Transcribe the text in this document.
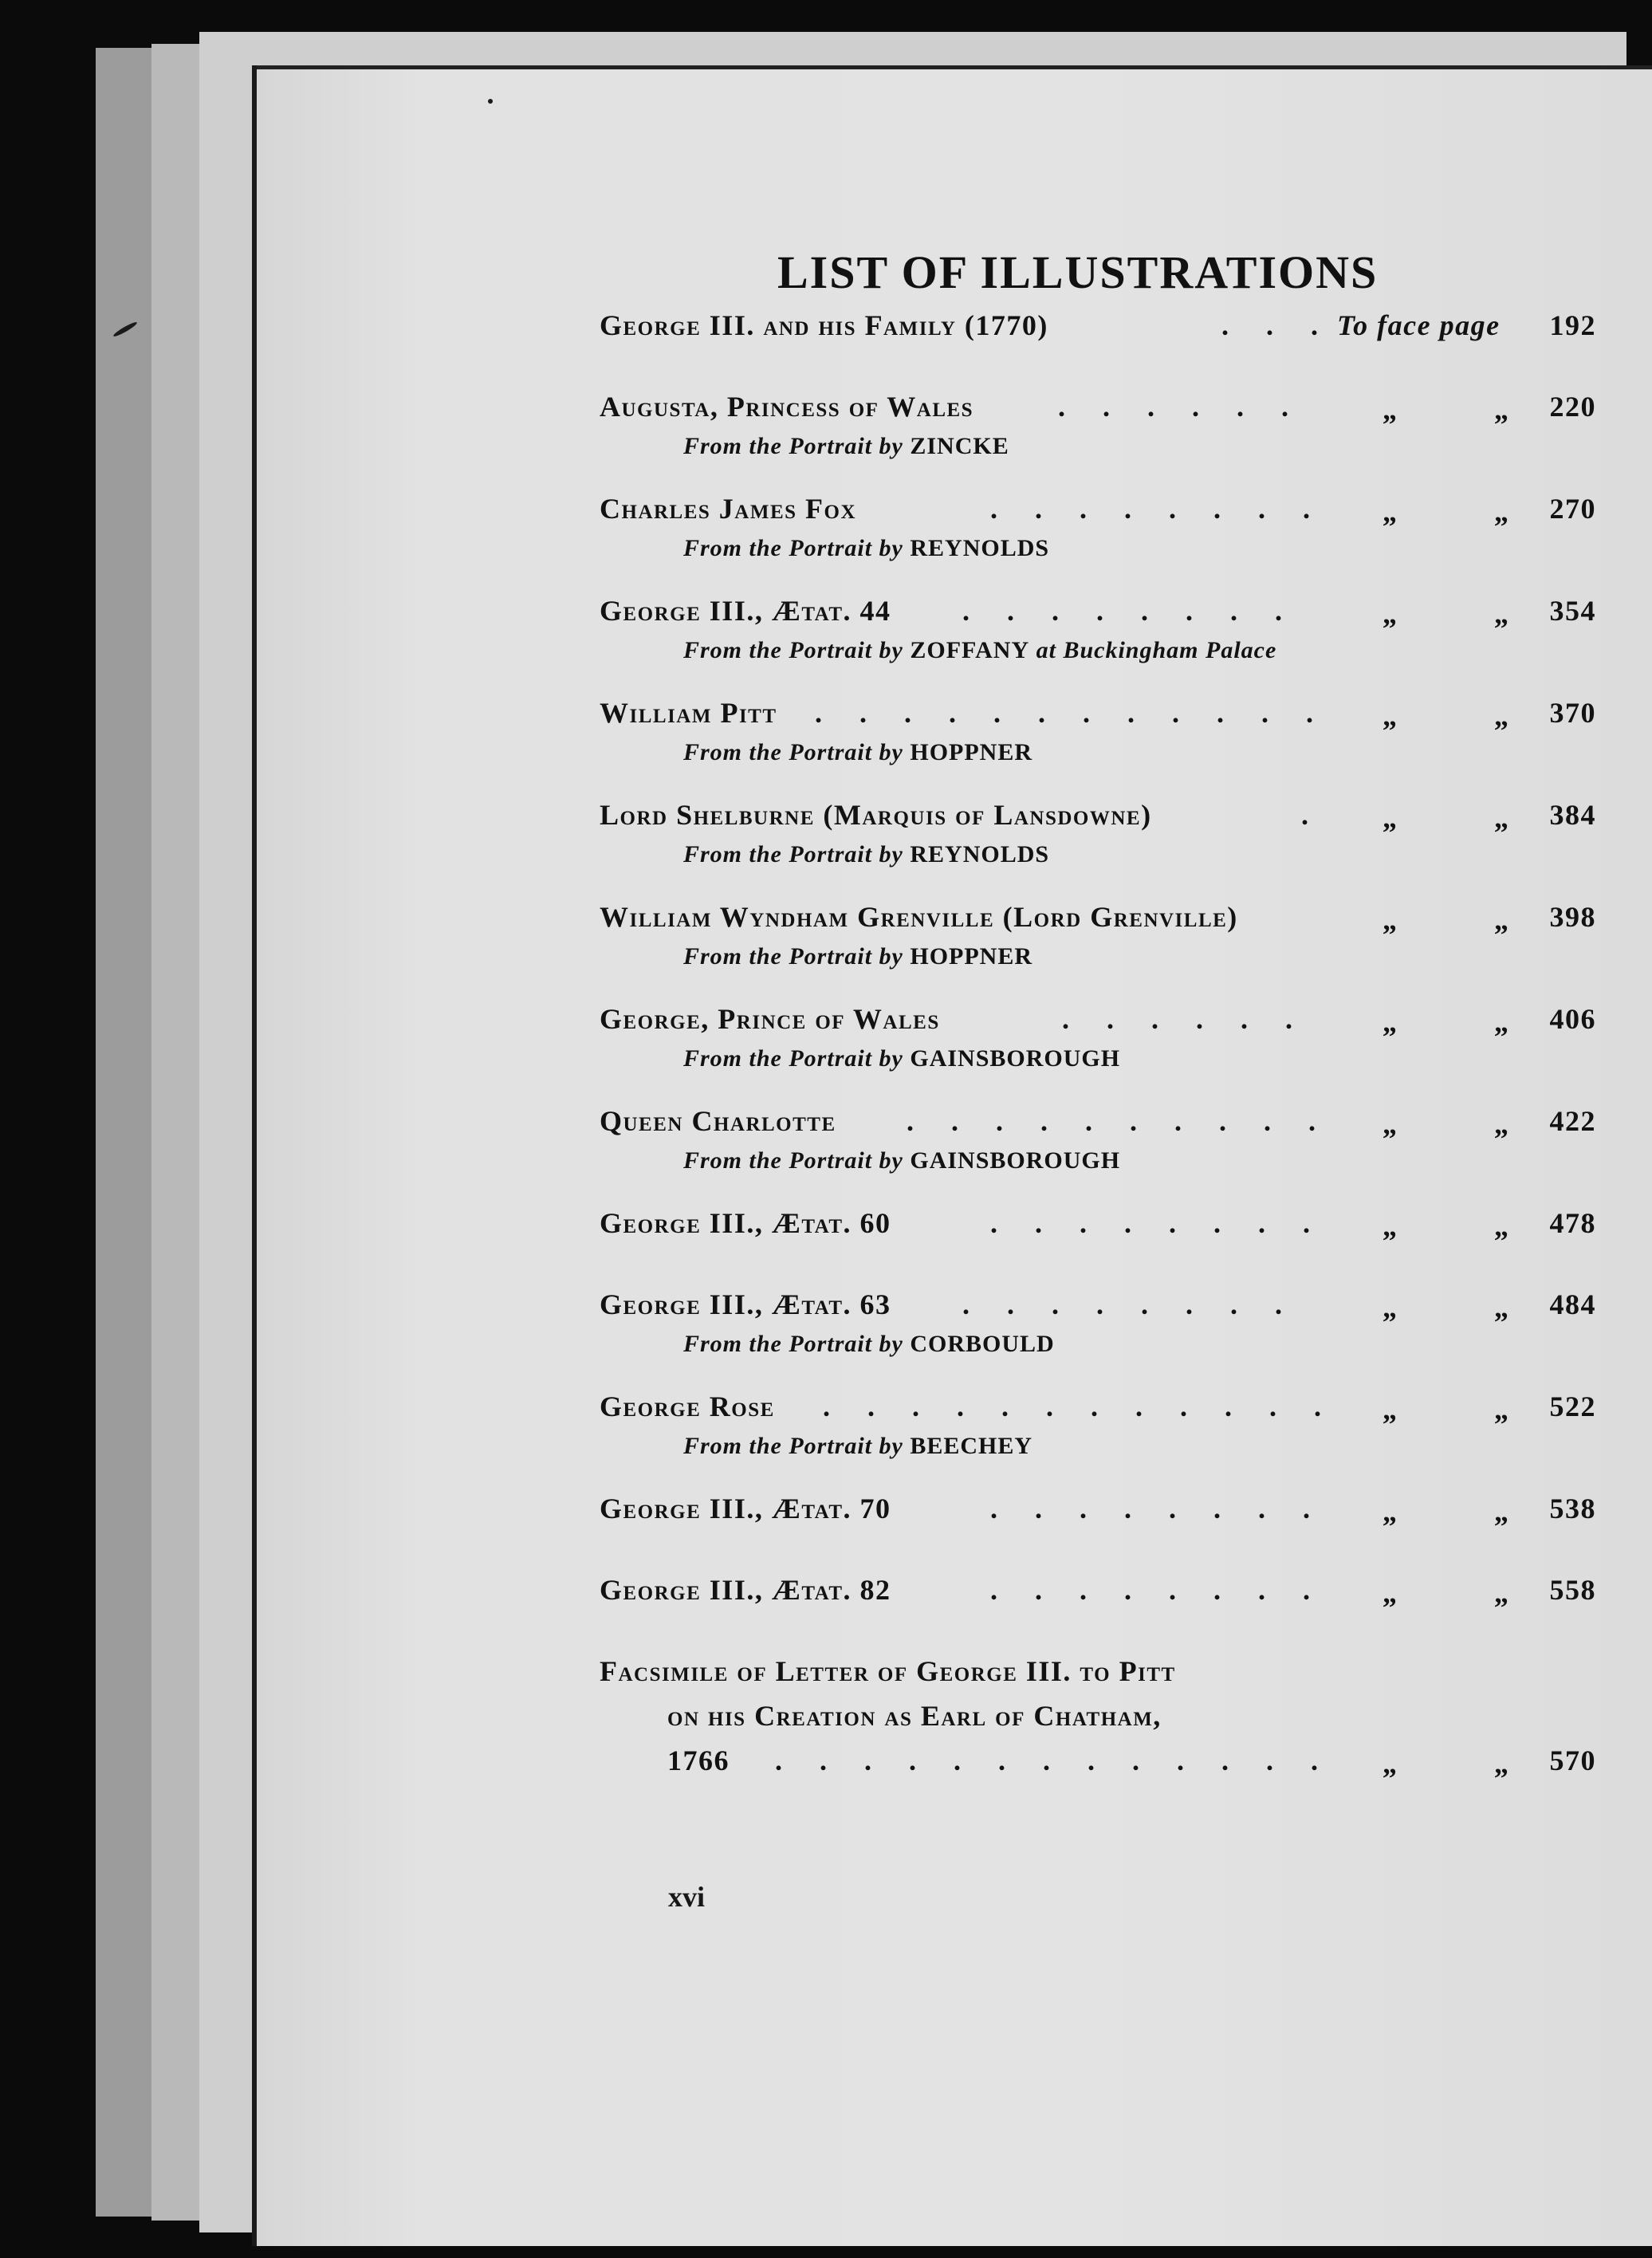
LIST OF ILLUSTRATIONS
George III. and his Family (1770)	. . . To face page 192
Augusta, Princess of Wales	. . . . . .	„	„ 220
From the Portrait by ZINCKE
Charles James Fox	. . . . . . . . „	„ 270
From the Portrait by REYNOLDS
George III., Ætat. 44 . . . . . . . .	„	„ 354
From the Portrait by ZOFFANY at Buckingham Palace
William Pitt . . . . . . . . . . . . „	„ 370
From the Portrait by HOPPNER
Lord Shelburne (Marquis of Lansdowne)	.	„	„ 384
From the Portrait by REYNOLDS
William Wyndham Grenville (Lord Grenville)	„	„ 398
From the Portrait by HOPPNER
George, Prince of Wales	. . . . . .	„	„ 406
From the Portrait by GAINSBOROUGH
Queen Charlotte . . . . . . . . . . „	„ 422
From the Portrait by GAINSBOROUGH
George III., Ætat. 60	. . . . . . . . „	„ 478
George III., Ætat. 63 . . . . . . . .	„	„ 484
From the Portrait by CORBOULD
George Rose . . . . . . . . . . . . „	„ 522
From the Portrait by BEECHEY
George III., Ætat. 70	. . . . . . . . „	„ 538
George III., Ætat. 82	. . . . . . . . „	„ 558
Facsimile of Letter of George III. to Pitt
on his Creation as Earl of Chatham,
1766 . . . . . . . . . . . . . „	„ 570
xvi
